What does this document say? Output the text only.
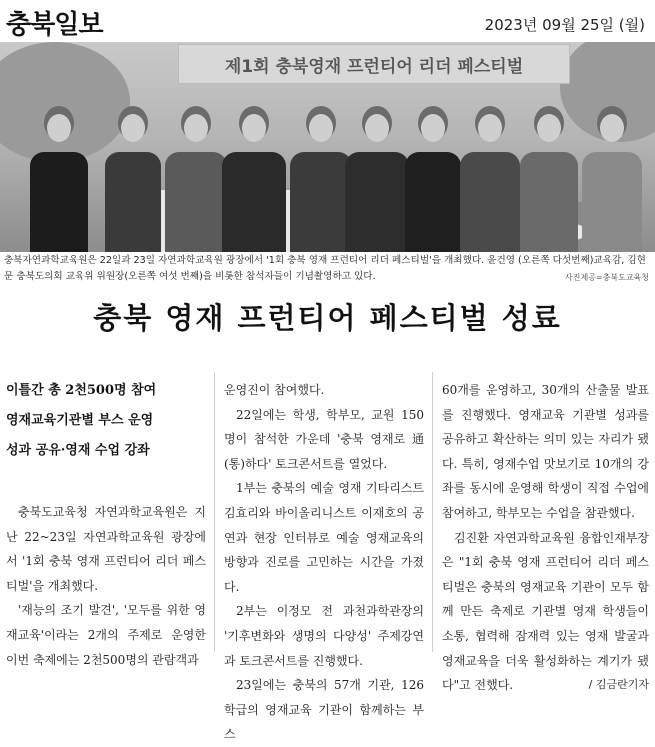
충북일보	2023년 09월 25일 (월)
제1회 충북영재 프런티어 리더 페스티벌
충북자연과학교육원은 22일과 23일 자연과학교육원 광장에서 '1회 충북 영재 프런티어 리더 페스티벌'을 개최했다. 윤건영 (오른쪽 다섯번째)교육감, 김현문 충북도의회 교육위 위원장(오른쪽 여섯 번째)을 비롯한 참석자들이 기념촬영하고 있다.	사진제공=충북도교육청
충북 영재 프런티어 페스티벌 성료
이틀간 총 2천500명 참여
영재교육기관별 부스 운영
성과 공유·영재 수업 강좌

충북도교육청 자연과학교육원은 지난 22~23일 자연과학교육원 광장에서 '1회 충북 영재 프런티어 리더 페스티벌'을 개최했다.

'재능의 조기 발견', '모두를 위한 영재교육'이라는 2개의 주제로 운영한 이번 축제에는 2천500명의 관람객과

운영진이 참여했다.

22일에는 학생, 학부모, 교원 150명이 참석한 가운데 '충북 영재로 通(통)하다' 토크콘서트를 열었다.

1부는 충북의 예술 영재 기타리스트 김효리와 바이올리니스트 이재호의 공연과 현장 인터뷰로 예술 영재교육의 방향과 진로를 고민하는 시간을 가졌다.

2부는 이정모 전 과천과학관장의 '기후변화와 생명의 다양성' 주제강연과 토크콘서트를 진행했다.

23일에는 충북의 57개 기관, 126학급의 영재교육 기관이 함께하는 부스

60개를 운영하고, 30개의 산출물 발표를 진행했다. 영재교육 기관별 성과를 공유하고 확산하는 의미 있는 자리가 됐다. 특히, 영재수업 맛보기로 10개의 강좌를 동시에 운영해 학생이 직접 수업에 참여하고, 학부모는 수업을 참관했다.

김진환 자연과학교육원 융합인재부장은 "1회 충북 영재 프런티어 리더 페스티벌은 충북의 영재교육 기관이 모두 함께 만든 축제로 기관별 영재 학생들이 소통, 협력해 잠재력 있는 영재 발굴과 영재교육을 더욱 활성화하는 계기가 됐다"고 전했다.	/ 김금란기자
